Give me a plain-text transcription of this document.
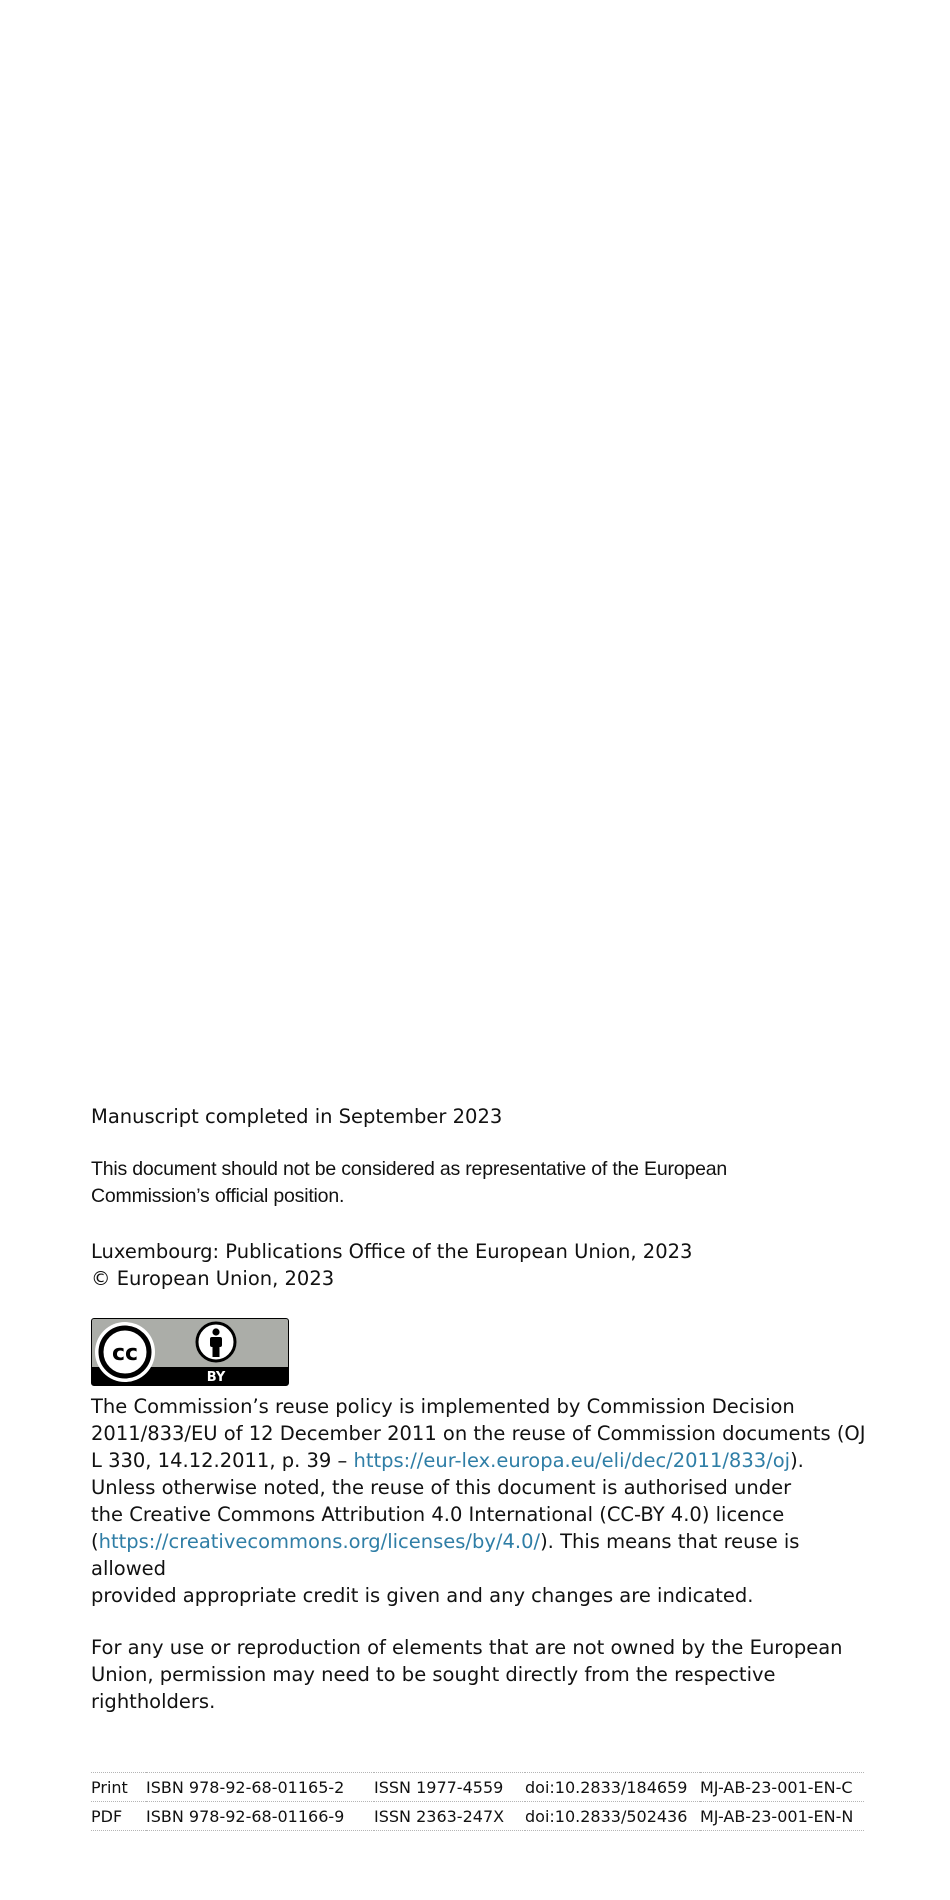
Manuscript completed in September 2023
This document should not be considered as representative of the European
Commission’s official position.
Luxembourg: Publications Office of the European Union, 2023
© European Union, 2023
cc
BY
The Commission’s reuse policy is implemented by Commission Decision
2011/833/EU of 12 December 2011 on the reuse of Commission documents (OJ
L 330, 14.12.2011, p. 39 – https://eur-lex.europa.eu/eli/dec/2011/833/oj).
Unless otherwise noted, the reuse of this document is authorised under
the Creative Commons Attribution 4.0 International (CC-BY 4.0) licence
(https://creativecommons.org/licenses/by/4.0/). This means that reuse is allowed
provided appropriate credit is given and any changes are indicated.
For any use or reproduction of elements that are not owned by the European
Union, permission may need to be sought directly from the respective
rightholders.
Print	ISBN 978-92-68-01165-2	ISSN 1977-4559	doi:10.2833/184659	MJ-AB-23-001-EN-C
PDF	ISBN 978-92-68-01166-9	ISSN 2363-247X	doi:10.2833/502436	MJ-AB-23-001-EN-N
